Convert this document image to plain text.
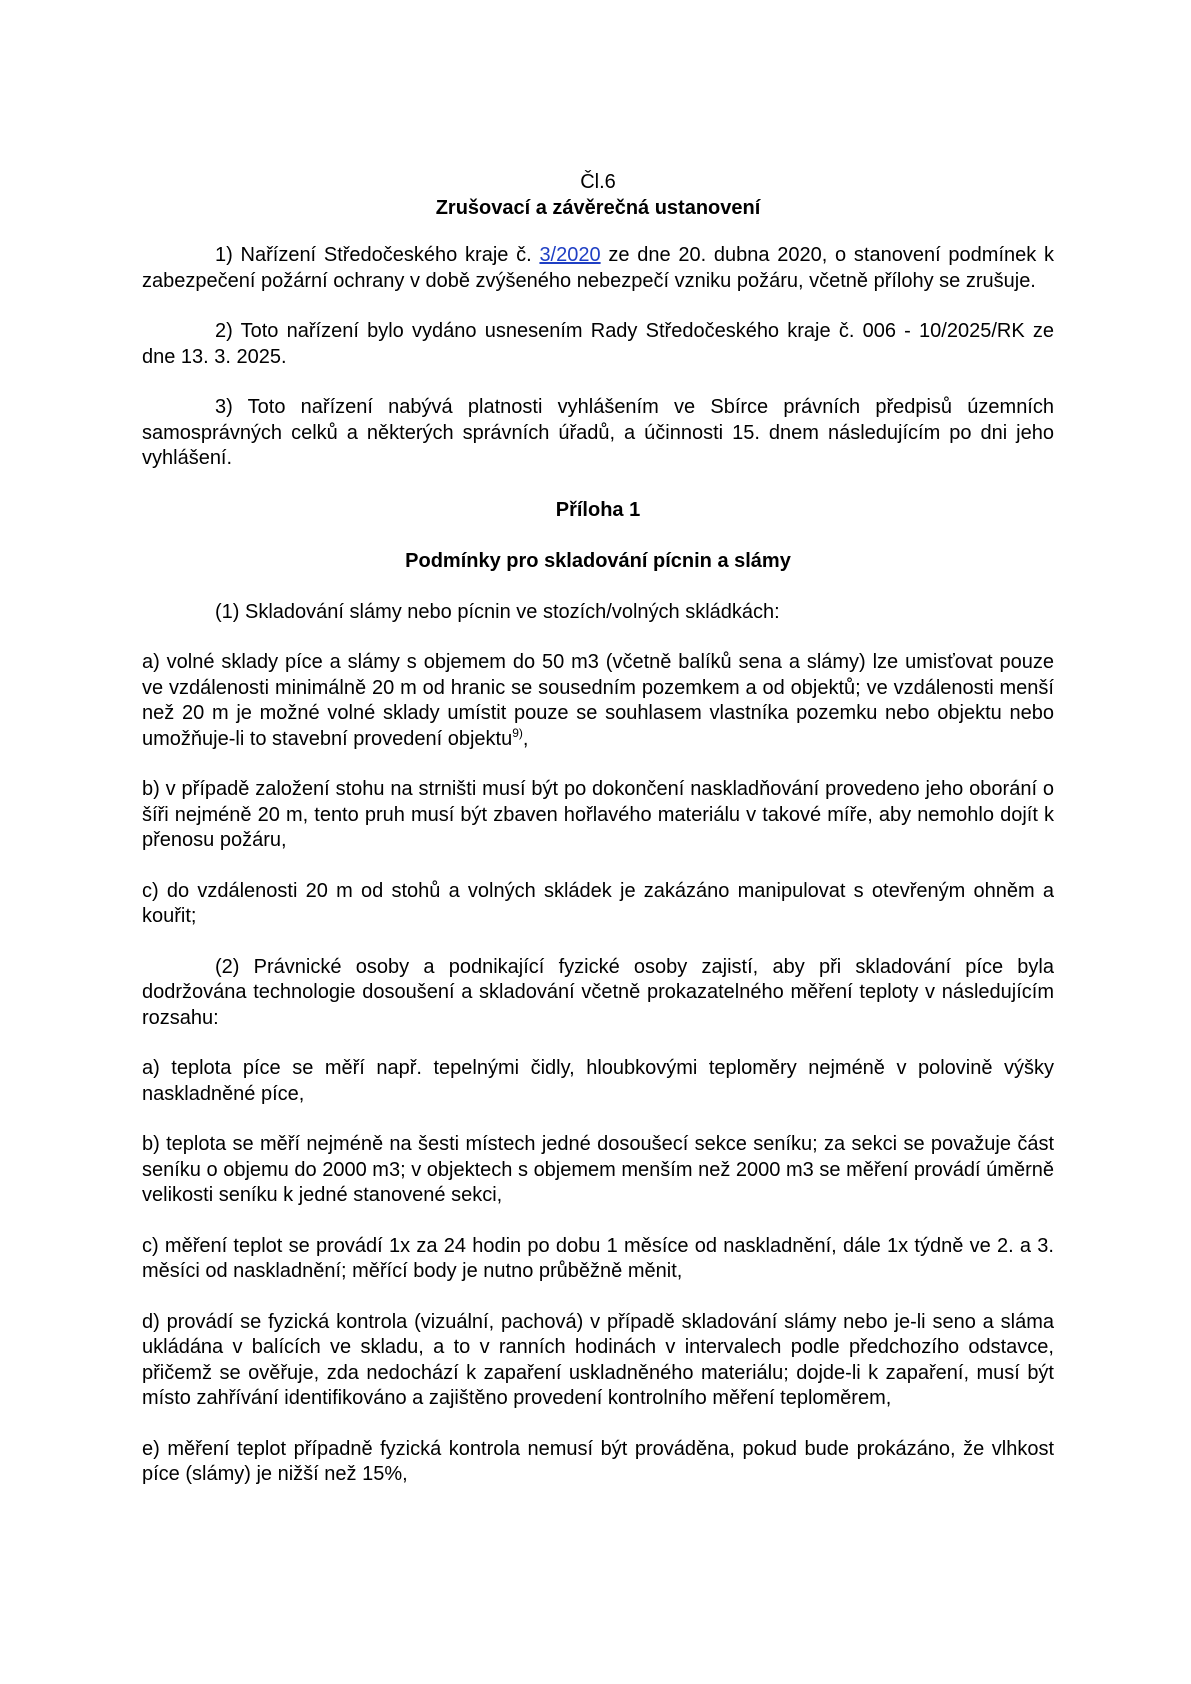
Čl.6

Zrušovací a závěrečná ustanovení

1) Nařízení Středočeského kraje č. 3/2020 ze dne 20. dubna 2020, o stanovení podmínek k zabezpečení požární ochrany v době zvýšeného nebezpečí vzniku požáru, včetně přílohy se zrušuje.

2) Toto nařízení bylo vydáno usnesením Rady Středočeského kraje č. 006 - 10/2025/RK ze dne 13. 3. 2025.

3) Toto nařízení nabývá platnosti vyhlášením ve Sbírce právních předpisů územních samosprávných celků a některých správních úřadů, a účinnosti 15. dnem následujícím po dni jeho vyhlášení.

Příloha 1

Podmínky pro skladování pícnin a slámy

(1) Skladování slámy nebo pícnin ve stozích/volných skládkách:

a) volné sklady píce a slámy s objemem do 50 m3 (včetně balíků sena a slámy) lze umisťovat pouze ve vzdálenosti minimálně 20 m od hranic se sousedním pozemkem a od objektů; ve vzdálenosti menší než 20 m je možné volné sklady umístit pouze se souhlasem vlastníka pozemku nebo objektu nebo umožňuje-li to stavební provedení objektu$^{9)}$,

b) v případě založení stohu na strništi musí být po dokončení naskladňování provedeno jeho oborání o šíři nejméně 20 m, tento pruh musí být zbaven hořlavého materiálu v takové míře, aby nemohlo dojít k přenosu požáru,

c) do vzdálenosti 20 m od stohů a volných skládek je zakázáno manipulovat s otevřeným ohněm a kouřit;

(2) Právnické osoby a podnikající fyzické osoby zajistí, aby při skladování píce byla dodržována technologie dosoušení a skladování včetně prokazatelného měření teploty v následujícím rozsahu:

a) teplota píce se měří např. tepelnými čidly, hloubkovými teploměry nejméně v polovině výšky naskladněné píce,

b) teplota se měří nejméně na šesti místech jedné dosoušecí sekce seníku; za sekci se považuje část seníku o objemu do 2000 m3; v objektech s objemem menším než 2000 m3 se měření provádí úměrně velikosti seníku k jedné stanovené sekci,

c) měření teplot se provádí 1x za 24 hodin po dobu 1 měsíce od naskladnění, dále 1x týdně ve 2. a 3. měsíci od naskladnění; měřící body je nutno průběžně měnit,

d) provádí se fyzická kontrola (vizuální, pachová) v případě skladování slámy nebo je-li seno a sláma ukládána v balících ve skladu, a to v ranních hodinách v intervalech podle předchozího odstavce, přičemž se ověřuje, zda nedochází k zapaření uskladněného materiálu; dojde-li k zapaření, musí být místo zahřívání identifikováno a zajištěno provedení kontrolního měření teploměrem,

e) měření teplot případně fyzická kontrola nemusí být prováděna, pokud bude prokázáno, že vlhkost píce (slámy) je nižší než 15%,
